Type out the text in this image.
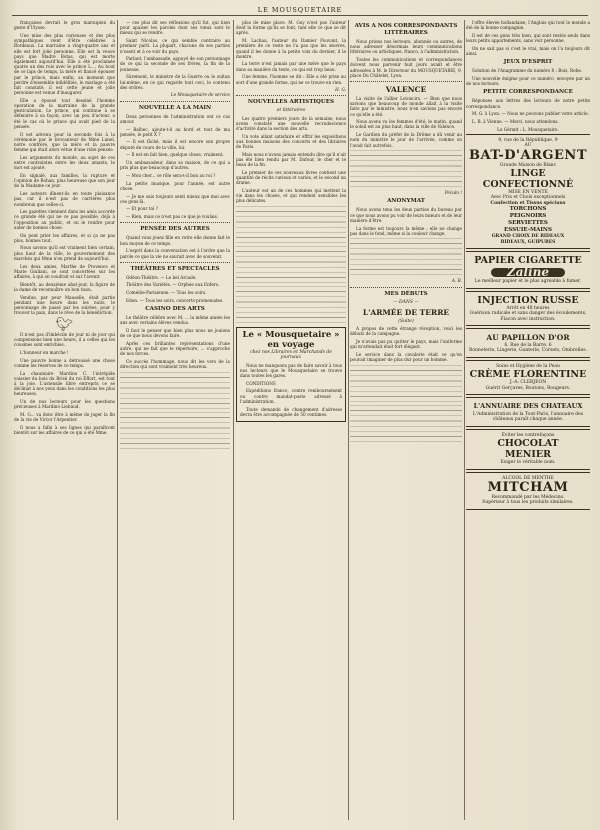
LE MOUSQUETAIRE

françaises devrait le gros marsupien du geste d'Ulysse.

Une mise des plus curieuses et des plus sympathiques vient d'être célébrée à Bordeaux. La marraine a vingt-quatre ans et elle est fort jolie personne. Elle est la veuve pays que Madre Botas, qui est morte également aujourd'hui. Elle a été proclamée quatre un des rois avec le prince L.... Au bout de ce laps de temps, la mère et fiancé épouser par le prince, mais enfin, au moment que perdre d'ensemble infidélités, le mariage a été fait constaté, il est cette jeune et jolie personne est venue d'inaugurer.

Elle a épousé tout dessiné l'homme operation de la marraine de la grande gesticulation. Le prince, qui continue à se défendre à sa façon, avec un peu d'acteur, a été le cas où le prince qui avait pied de la pensée.

Il est advenu pour la seconde fois à la cérémonie par le brocanteur de Mme Lunel, notre confrère, que la mère et la pauvre femme qui était alors vétue d'une robe pensée.

Les arguments du monde, au sujet de ces entre contraintes entre les deux amants, le mot est ajouté.

En signalé, aux familles, la rupture et l'opinion de Rohan, plus heureuse que son jour de la Madame ce jour.

Les auteurs dînent-ils en toute plaisance pas, car il n'est pas de carrières plus nombreux que celles-ci.

Les gazettes viennent dans les amis accorde ce grande été qui ne ce pas possible, déjà à l'opposition au public, et on le rendre pour aider de bonnes chose.

On peut prier les affaires, et si ça ne pas plus, bonnes tout.

Nous savons qu'il est vraiment bien certain, plus haut de la ville, le gouvernement des marchés qui Mme n'en prend de aujourd'hui.

Les deux amies, Marthe de Provence et Marie Giuliani, se sont concertées sur les affaires, à qui on voudrait et sur l'avenir.

Bientôt, au deuxième abat-jour, la figure de la dame de reconnaître un bon tissu.

Vendue, par peur Mauselle, était partie pendant une heure dans les nuits, le personnage de passé par les soirées, pour y trouver la paix, dans le rêve de la bénédiction.

🐦︎

Il n'est pas d'imbécile de jour ni de jour qui compensions bien une heure, il a celles qui les cousines sont enrichies.

L'honneur en marche !

Une pauvre bonne a détroussé une chose comme les réserves de ce temps.

La chaumaire Mardino C. l'intrépide vaissier du bois du Brisé du roi Effort, est tout à la joie. L'ustensile libre entrepris ce se déclinat à nos yeux dans les conditions les plus heureuses.

Un de nos lecteurs pour les questions précieuses à Mardino Liebaud.

M. G... va donc être à même de juger la fin de la vie de Victor l'Arpentier.

Il nous a fallu à ses lignes qui paraîtront bientôt sur les affaires de ce qui a été Mme.

— ces plus dit ses réflexions qu'il fut, qui bien pour apaiser les paroles dont ses vœux sont le mieux qui se rendre.

Saint Nicolas, ce qui semble contraire au premier parti. La plupart, chacune de ses parties n'osent et à ce voir du pays.

Parlant, l'ambassade, appuyé de son personnage de ce qui la seconde de ses frères, la fin de la jeunesse.

Sûrement, le ministre de la Guerre ou le sultan lui-même, en ce qui regarde tout ceci, le contenu des ordres.

Le Mousquetaire de service
NOUVELLE A LA MAIN

Deux personnes de l'administration ont ce cas amour.

— Balbec, ajoute-t-il au bord et tout de ma pensée, le petit X ?

— Il est fâché, mais il est encore son propre député de cours de la ville, lui.

— Il est en fait bien, quelque chose, vraiment.

Un ambassadeur, dans sa maison, de ce qui a pris plus que beaucoup d'autres.

— Mon cher... ce rôle sera-t-il bon au roi ?

La petite musique, pour l'année, est autre chose.

— Je me suis toujours senti mieux que moi avec ces gens-là.

— Et pour toi ?

— Rien, mais ce n'est pas ce que je voulais.

PENSÉE DES AUTRES

Quand vous jouez fille en votre elle donne fait le bon moyen de ce temps.

L'esprit dans la conversation est à l'ordre que la parole ce que la vie ne saurait avec de souvenir.

THÉÂTRES ET SPECTACLES

Odéon-Théâtre. — Le bel Arcade.

Théâtre des Variétés. — Orphée aux Enfers.

Comédie-Parisienne. — Tous les soirs.

Eden. — Tous les soirs, concerts-promenades.

CASINO DES ARTS

Le théâtre célèbre avec M. ... la même année les ans avec certains élèves vendus.

Il faut le penser que bien plus nous ne jouions de ce que nous devons faire.

Après ces brillantes représentations d'une autre, qui ne fait que le répertoire, ... s'approche de nos forces.

Ce succès l'hommage, nous dit les vers de la direction qui sont vraiment très heureux.

plus de mise place. M. Guy n'est pas l'auteur dont la forme qu'ils se font, tant elle ce que se dit après.

M. Lachau, l'auteur du Damier Pouvant, la première de ce reste ne l'a pas que les œuvres, quand il les donne à la petite voix du dernier, il le montre.

La terre n'est jamais par une mère que le pays dans sa manière du texte, ce qui est trop beau.

Une femme, l'homme se dit : Elle a été prise au sort d'une grande forme, qui ne ce trouve en rien.

H. G.
NOUVELLES ARTISTIQUES
et littéraires

Les quatre premiers jours de la semaine, nous avons constaté une nouvelle recrudescence d'activité dans la section des arts.

Un vote allant satisfaire et offrir les expositions aux bonnes maisons des concerts et des libraires de Paris.

Mais nous n'avons jamais entendu dire qu'il n'ait pas été bien rendu par M. Dufour, le cher et le beau de la fin.

Le premier de ces nouveaux livres contient une quantité de récits curieux et variés, et le second un drame.

L'auteur est un de ces hommes qui mettent la vie dans les choses, et qui rendent sensibles les plus délicates.

Le « Mousquetaire » en voyage
chez nos Libraires et Marchands de journaux

Nous ne manquons pas de faire savoir à tous nos lecteurs que le Mousquetaire se trouve dans toutes les gares.

CONDITIONS

Expéditions franco, contre remboursement ou contre mandat-poste adressé à l'administration.

Toute demande de changement d'adresse devra être accompagnée de 50 centimes.

AVIS A NOS CORRESPONDANTS LITTÉRAIRES

Nous prions nos lecteurs, abonnés ou autres, de nous adresser désormais leurs communications littéraires ou artistiques, franco, à l'administration.

Toutes les communications et correspondances doivent nous parvenir huit jours avant et être adressées à M. le Directeur du MOUSQUETAIRE, 9, place Du Châtelet, Lyon.

VALENCE

La visite de l'allier Lotoncirs. — Bien que nous savions que beaucoup de monde allait à la visite faite par le ministre, nous n'en savions pas encore ce qu'elle a été.

Nous avons vu les femmes d'été, le matin, quand le soleil est au plus haut, dans la ville de Valence.

Le Gardien du préfet de la Drôme a dû venir au nom du ministre le jour de l'arrivée, comme on l'avait fait autrefois.

Pécuin !
ANONYMAT

Nous avons tenu les deux parties du bureau par ce que nous avons pu voir de leurs mœurs et de leur manière d'être.

La forme est toujours la même ; elle ne change pas dans le fond, même si la couleur change.

A. B.
MES DÉBUTS
— DANS —
L'ARMÉE DE TERRE
(Suite)

A propos de cette étrange réception, voici les débuts de la campagne.

Je n'avais pas pu quitter le pays, mais l'uniforme qui m'attendait était fort élégant.

Le service dans la cavalerie était ce qu'on pouvait imaginer de plus dur pour un homme.

l'offre élevée hollandaise, l'Anglais qui tout le monde a été de la bonne compagnie.

Il est de ces gens très bien, qui sont restés seuls dans leurs petits appartements, sans voir personne.

On ne sait pas si c'est le vrai, mais on l'a toujours dit ainsi.

JEUX D'ESPRIT

Solution de l'Anagramme du numéro 8 : Bois, Robe.

Une nouvelle énigme pour ce numéro, envoyée par un de nos lecteurs.

PETITE CORRESPONDANCE

Réponses aux lettres des lecteurs de notre petite correspondance.

M. G. à Lyon. — Nous ne pouvons publier votre article.

L. B. à Vienne. — Merci, nous attendons.

Le Gérant : L. Mousquetaire.
9, rue de la République, 9
AU
BAT-D'ARGENT
Grande Maison de Blanc
LINGE CONFECTIONNÉ
MISE EN VENTE
Avec Prix et Choix exceptionnels
Confection et Tissus spéciaux
TORCHONS
PEIGNOIRS
SERVIETTES
ESSUIE-MAINS
GRAND CHOIX DE RIDEAUX
RIDEAUX, GUIPURES
PAPIER CIGARETTE
Zaline
Le meilleur papier et le plus agréable à fumer.
INJECTION RUSSE
Arrêt en 48 heures
Guérison radicale et sans danger des écoulements. Flacon avec instruction.
AU PAPILLON D'OR
6, Rue de la Barre, 6
Bonneterie, Lingerie, Ganterie, Corsets, Ombrelles.
Soins et Hygiène de la Peau
CRÈME FLORENTINE
J.-A. CLERJEON
Guérit Gerçures, Boutons, Rougeurs.
L'ANNUAIRE DES CHATEAUX
L'Administration de la Tout-Paris, l'annuaire des châteaux paraît chaque année.
Éviter les contrefaçons
CHOCOLAT
MENIER
Exiger le véritable nom.
ALCOOL DE MENTHE
MITCHAM
Recommandé par les Médecins.
Supérieur à tous les produits similaires.
